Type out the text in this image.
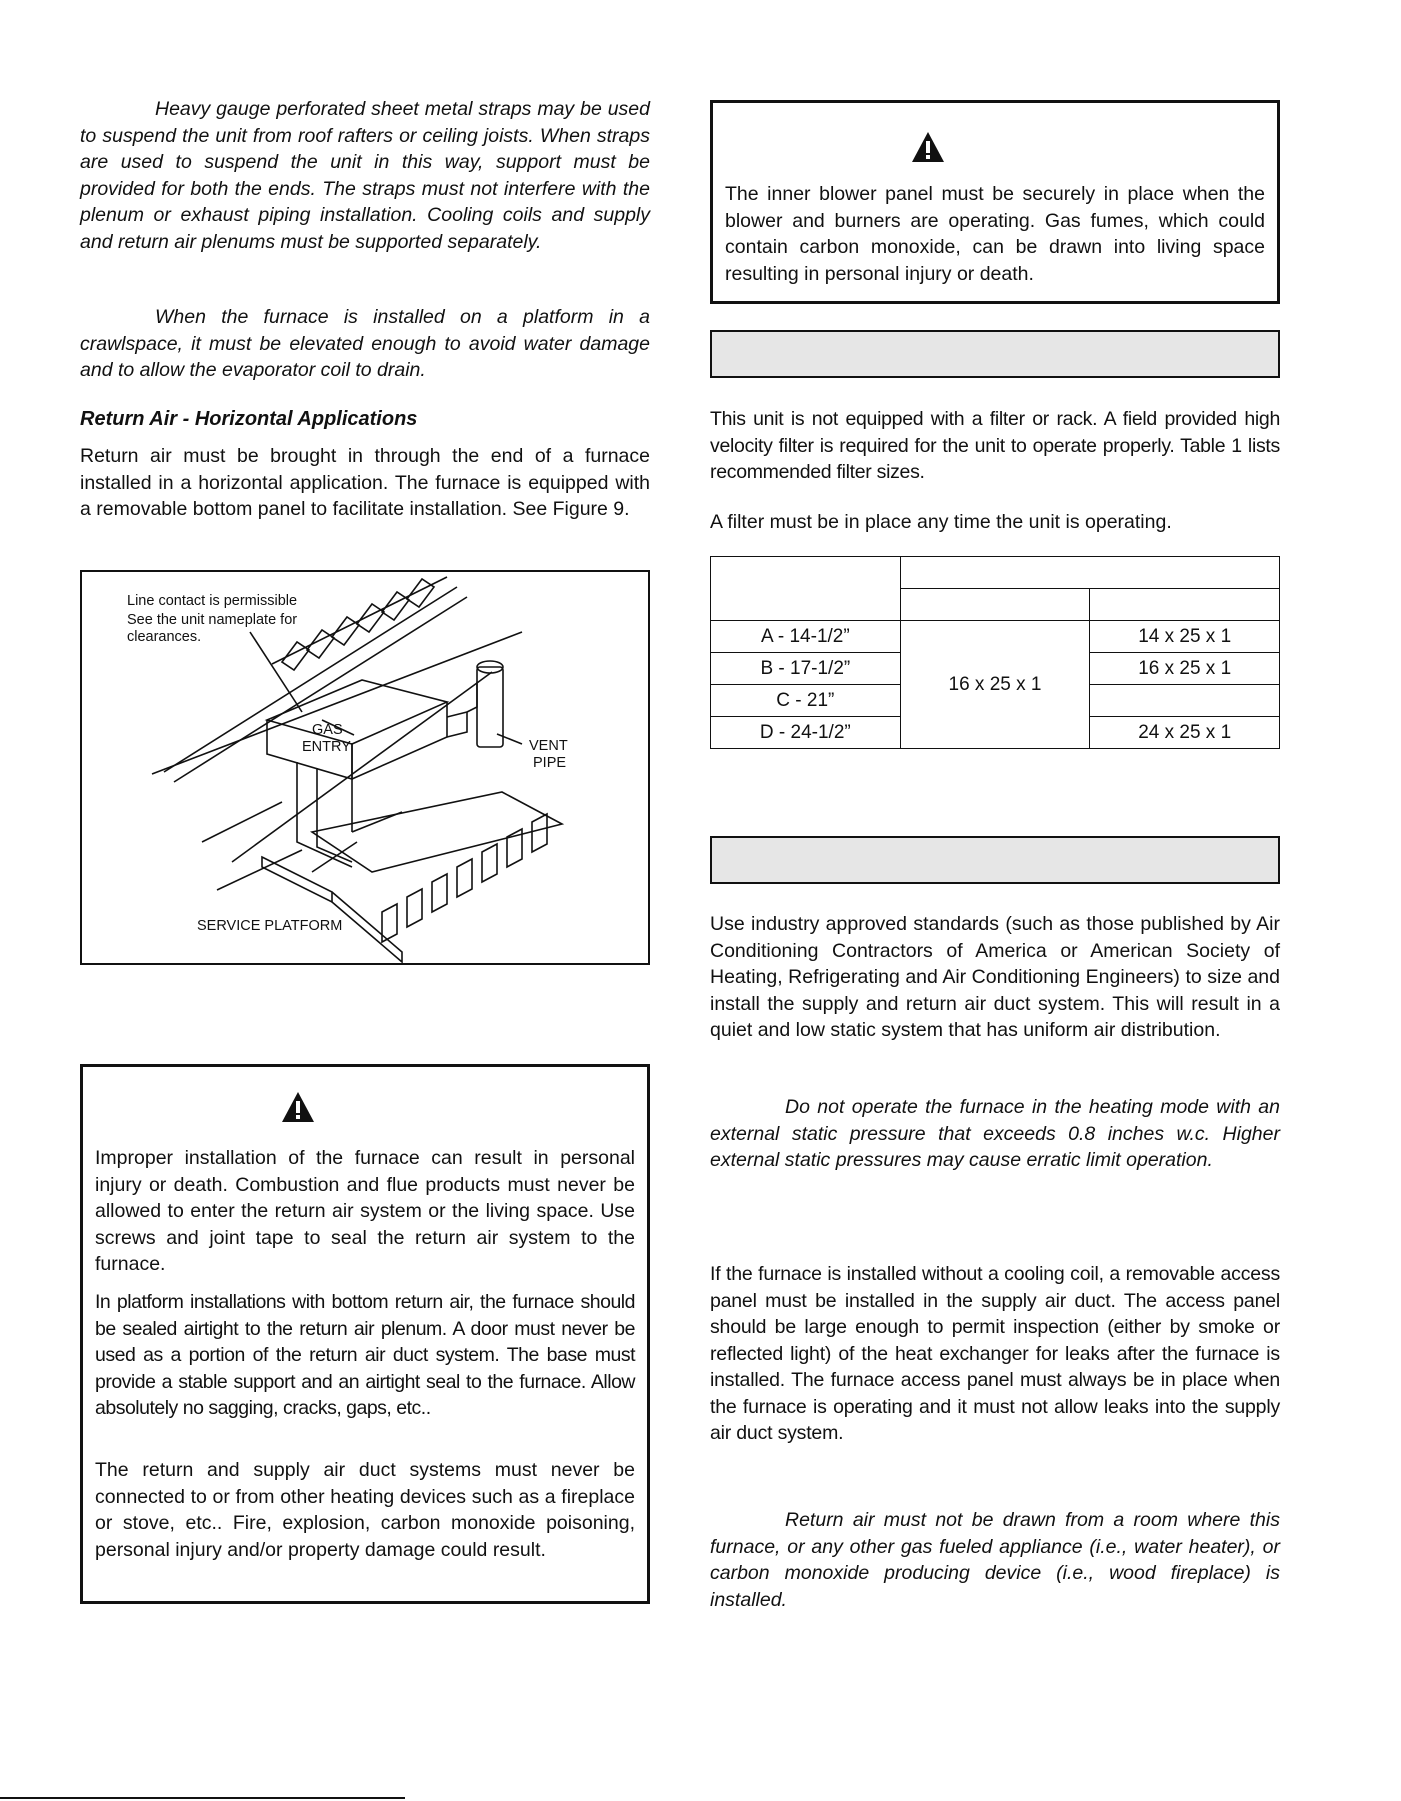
Heavy gauge perforated sheet metal straps may be used to suspend the unit from roof rafters or ceiling joists. When straps are used to suspend the unit in this way, support must be provided for both the ends. The straps must not interfere with the plenum or exhaust piping installation. Cooling coils and supply and return air plenums must be supported separately.

When the furnace is installed on a platform in a crawlspace, it must be elevated enough to avoid water damage and to allow the evaporator coil to drain.

Return Air - Horizontal Applications

Return air must be brought in through the end of a furnace installed in a horizontal application. The furnace is equipped with a removable bottom panel to facilitate installation. See Figure 9.

Line contact is permissible
See the unit nameplate for
clearances.
GAS
ENTRY	VENT
PIPE
SERVICE PLATFORM

Improper installation of the furnace can result in personal injury or death. Combustion and flue products must never be allowed to enter the return air system or the living space. Use screws and joint tape to seal the return air system to the furnace.

In platform installations with bottom return air, the furnace should be sealed airtight to the return air plenum. A door must never be used as a portion of the return air duct system. The base must provide a stable support and an airtight seal to the furnace. Allow absolutely no sagging, cracks, gaps, etc..

The return and supply air duct systems must never be connected to or from other heating devices such as a fireplace or stove, etc.. Fire, explosion, carbon monoxide poisoning, personal injury and/or property damage could result.

The inner blower panel must be securely in place when the blower and burners are operating. Gas fumes, which could contain carbon monoxide, can be drawn into living space resulting in personal injury or death.

This unit is not equipped with a filter or rack. A field provided high velocity filter is required for the unit to operate properly. Table 1 lists recommended filter sizes.

A filter must be in place any time the unit is operating.

A - 14-1/2”	16 x 25 x 1	14 x 25 x 1
B - 17-1/2”		16 x 25 x 1
C - 21”		
D - 24-1/2”		24 x 25 x 1

Use industry approved standards (such as those published by Air Conditioning Contractors of America or American Society of Heating, Refrigerating and Air Conditioning Engineers) to size and install the supply and return air duct system. This will result in a quiet and low static system that has uniform air distribution.

Do not operate the furnace in the heating mode with an external static pressure that exceeds 0.8 inches w.c. Higher external static pressures may cause erratic limit operation.

If the furnace is installed without a cooling coil, a removable access panel must be installed in the supply air duct. The access panel should be large enough to permit inspection (either by smoke or reflected light) of the heat exchanger for leaks after the furnace is installed. The furnace access panel must always be in place when the furnace is operating and it must not allow leaks into the supply air duct system.

Return air must not be drawn from a room where this furnace, or any other gas fueled appliance (i.e., water heater), or carbon monoxide producing device (i.e., wood fireplace) is installed.
